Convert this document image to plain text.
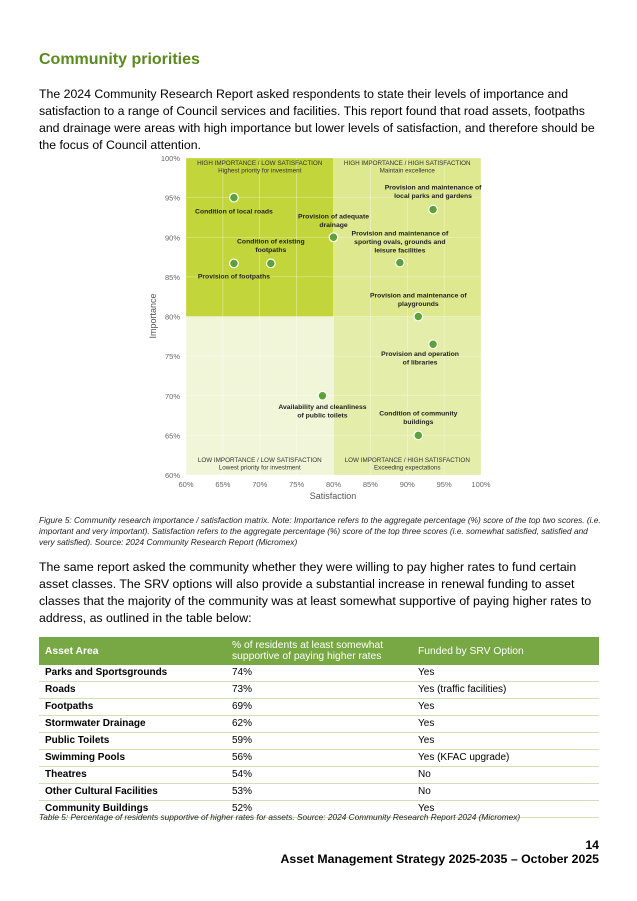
Community priorities

The 2024 Community Research Report asked respondents to state their levels of importance and satisfaction to a range of Council services and facilities. This report found that road assets, footpaths and drainage were areas with high importance but lower levels of satisfaction, and therefore should be the focus of Council attention.

HIGH IMPORTANCE / LOW SATISFACTION
Highest priority for investment
HIGH IMPORTANCE / HIGH SATISFACTION
Maintain excellence
LOW IMPORTANCE / LOW SATISFACTION
Lowest priority for investment
LOW IMPORTANCE / HIGH SATISFACTION
Exceeding expectations
100%
95%
90%
85%
80%
75%
70%
65%
60%
60%	65%	70%	75%	80%	85%	90%	95%	100%
Condition of local roads
Provision of footpaths
Condition of existing footpaths
Provision of adequate drainage
Provision and maintenance of local parks and gardens
Provision and maintenance of sporting ovals, grounds and leisure facilities
Provision and maintenance of playgrounds
Provision and operation of libraries
Availability and cleanliness of public toilets	Condition of community buildings
Satisfaction
Importance

Figure 5: Community research importance / satisfaction matrix. Note: Importance refers to the aggregate percentage (%) score of the top two scores. (i.e. important and very important). Satisfaction refers to the aggregate percentage (%) score of the top three scores (i.e. somewhat satisfied, satisfied and very satisfied). Source: 2024 Community Research Report (Micromex)

The same report asked the community whether they were willing to pay higher rates to fund certain asset classes. The SRV options will also provide a substantial increase in renewal funding to asset classes that the majority of the community was at least somewhat supportive of paying higher rates to address, as outlined in the table below:

Asset Area	% of residents at least somewhat supportive of paying higher rates	Funded by SRV Option
Parks and Sportsgrounds	74%	Yes
Roads	73%	Yes (traffic facilities)
Footpaths	69%	Yes
Stormwater Drainage	62%	Yes
Public Toilets	59%	Yes
Swimming Pools	56%	Yes (KFAC upgrade)
Theatres	54%	No
Other Cultural Facilities	53%	No
Community Buildings	52%	Yes

Table 5: Percentage of residents supportive of higher rates for assets. Source: 2024 Community Research Report 2024 (Micromex)

14

Asset Management Strategy 2025-2035 – October 2025
